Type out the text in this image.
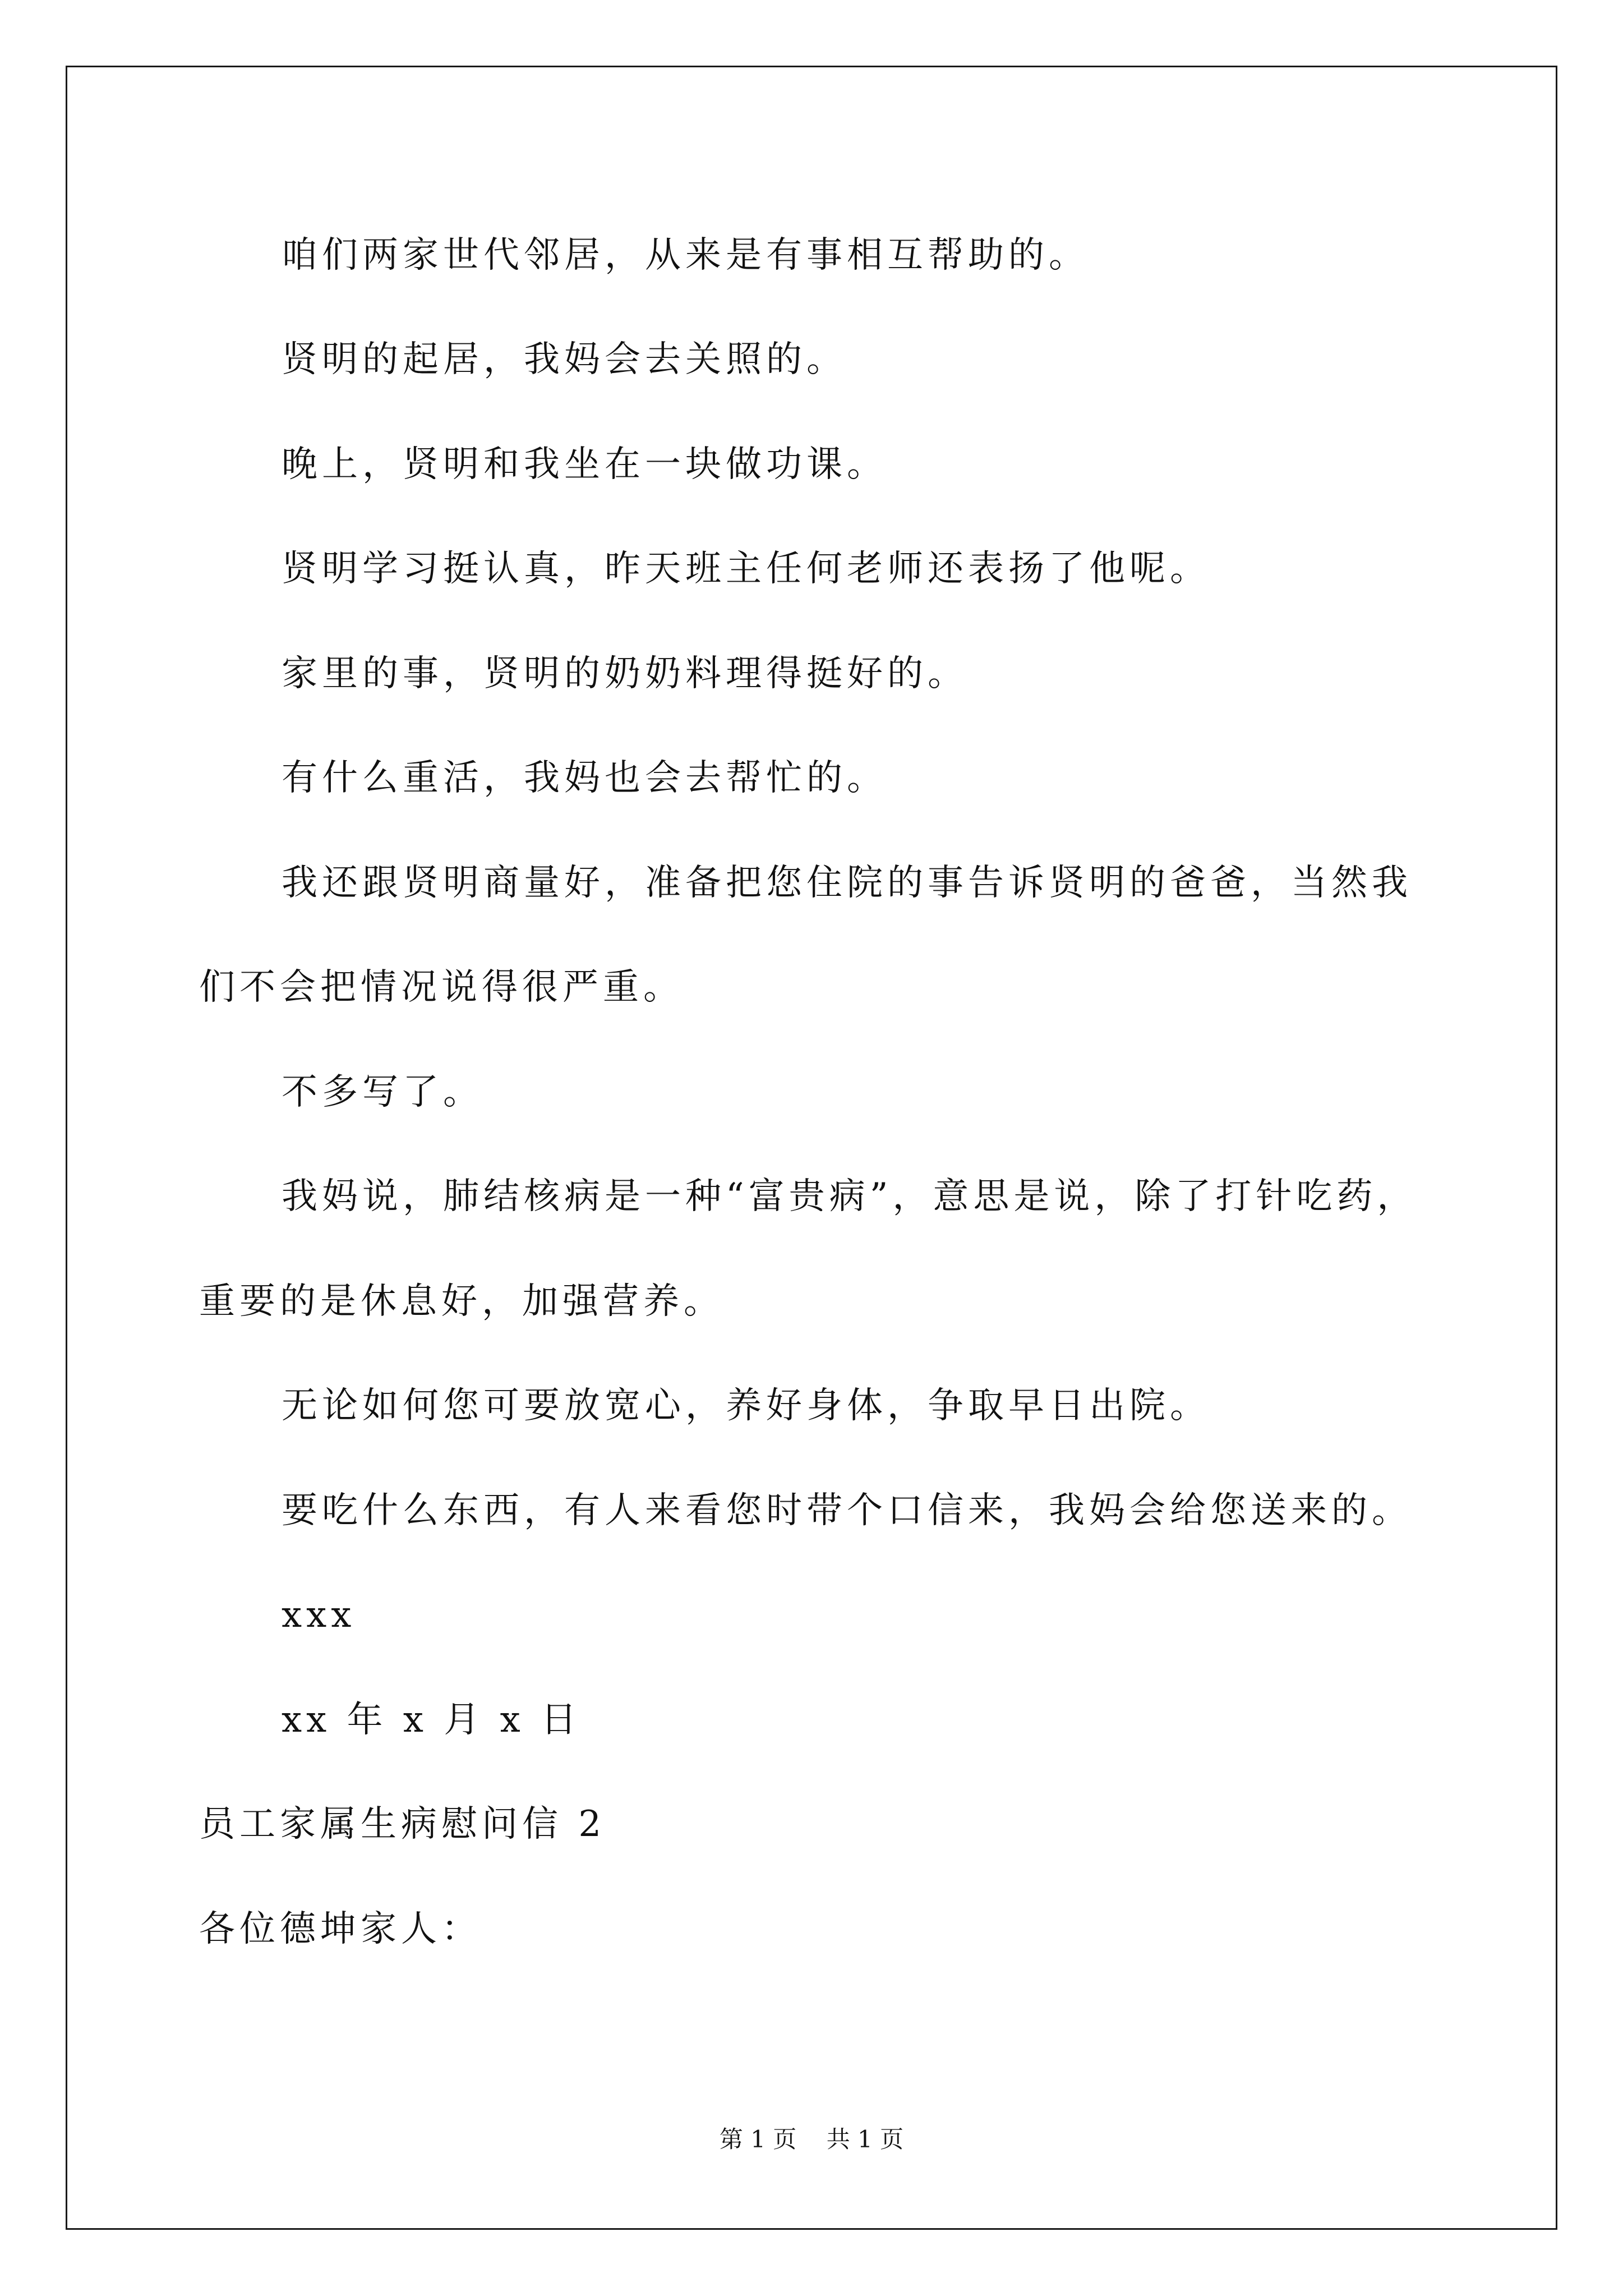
咱们两家世代邻居，从来是有事相互帮助的。
贤明的起居，我妈会去关照的。
晚上，贤明和我坐在一块做功课。
贤明学习挺认真，昨天班主任何老师还表扬了他呢。
家里的事，贤明的奶奶料理得挺好的。
有什么重活，我妈也会去帮忙的。
我还跟贤明商量好，准备把您住院的事告诉贤明的爸爸，当然我
们不会把情况说得很严重。
不多写了。
我妈说，肺结核病是一种“富贵病”，意思是说，除了打针吃药，
重要的是休息好，加强营养。
无论如何您可要放宽心，养好身体，争取早日出院。
要吃什么东西，有人来看您时带个口信来，我妈会给您送来的。
xxx
xx 年 x 月 x 日
员工家属生病慰问信 2
各位德坤家人：
第 1 页    共 1 页
